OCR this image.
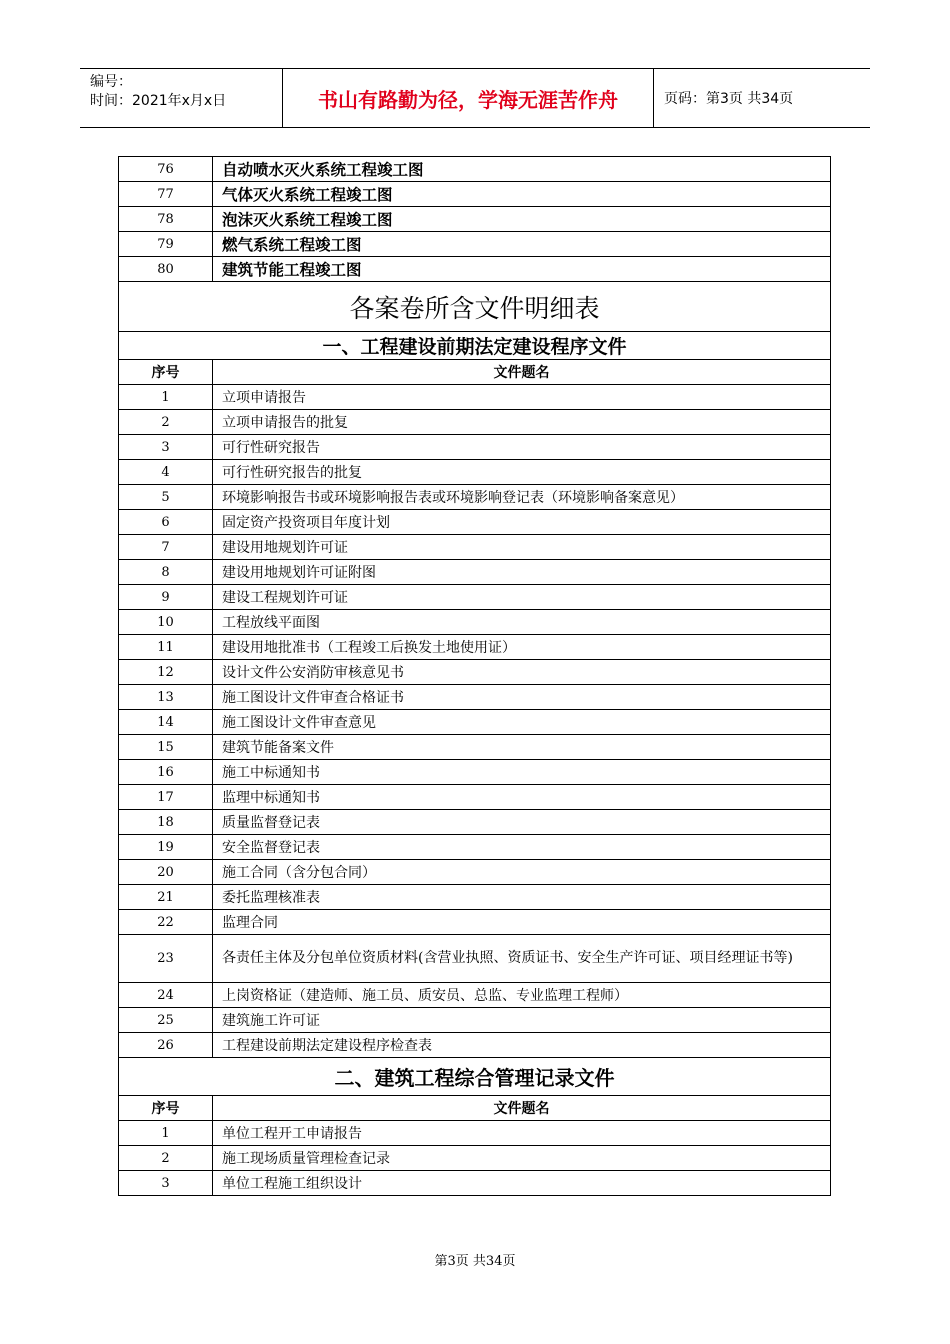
编号：
时间：2021年x月x日	书山有路勤为径，学海无涯苦作舟	页码：第3页 共34页
76	自动喷水灭火系统工程竣工图
77	气体灭火系统工程竣工图
78	泡沫灭火系统工程竣工图
79	燃气系统工程竣工图
80	建筑节能工程竣工图
各案卷所含文件明细表	
一、工程建设前期法定建设程序文件	
序号	文件题名
1	立项申请报告
2	立项申请报告的批复
3	可行性研究报告
4	可行性研究报告的批复
5	环境影响报告书或环境影响报告表或环境影响登记表（环境影响备案意见）
6	固定资产投资项目年度计划
7	建设用地规划许可证
8	建设用地规划许可证附图
9	建设工程规划许可证
10	工程放线平面图
11	建设用地批准书（工程竣工后换发土地使用证）
12	设计文件公安消防审核意见书
13	施工图设计文件审查合格证书
14	施工图设计文件审查意见
15	建筑节能备案文件
16	施工中标通知书
17	监理中标通知书
18	质量监督登记表
19	安全监督登记表
20	施工合同（含分包合同）
21	委托监理核准表
22	监理合同
23	各责任主体及分包单位资质材料(含营业执照、资质证书、安全生产许可证、项目经理证书等)
24	上岗资格证（建造师、施工员、质安员、总监、专业监理工程师）
25	建筑施工许可证
26	工程建设前期法定建设程序检查表
二、建筑工程综合管理记录文件	
序号	文件题名
1	单位工程开工申请报告
2	施工现场质量管理检查记录
3	单位工程施工组织设计
第3页 共34页
